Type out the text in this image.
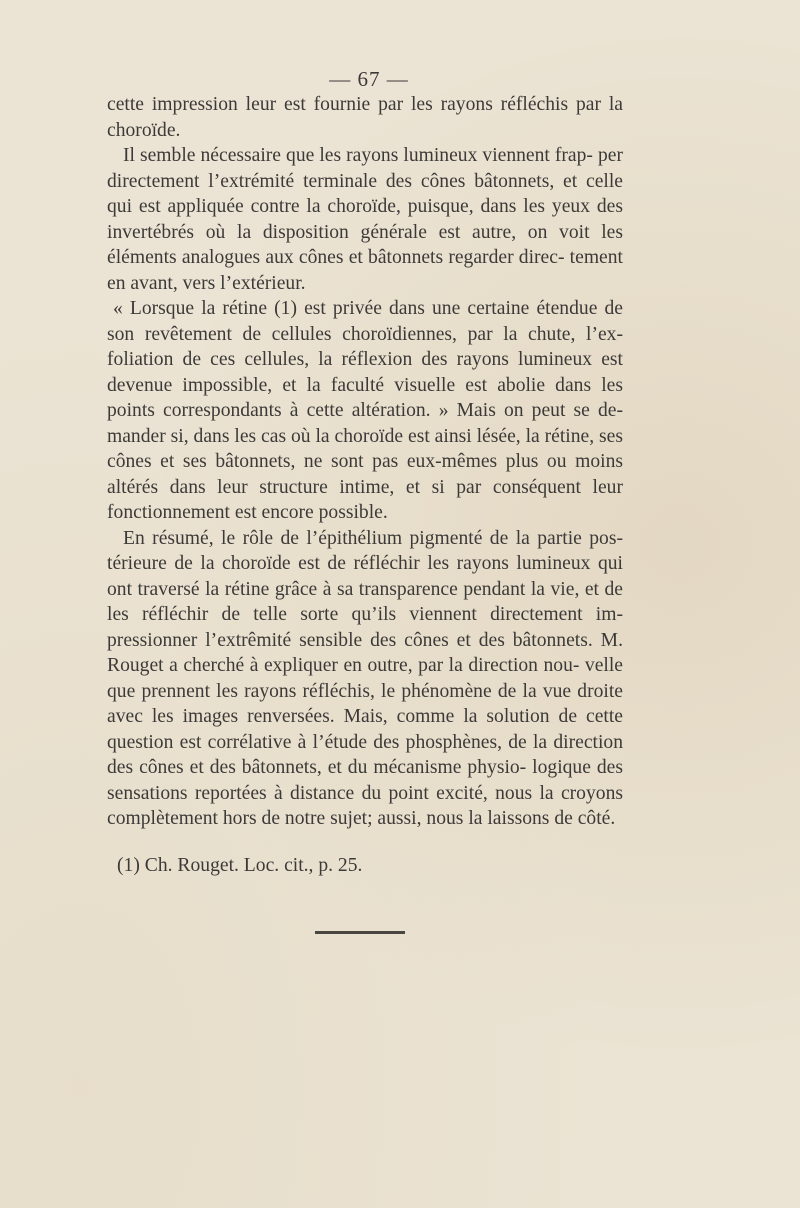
— 67 —

cette impression leur est fournie par les rayons réfléchis par la choroïde.

Il semble nécessaire que les rayons lumineux viennent frap- per directement l’extrémité terminale des cônes bâtonnets, et celle qui est appliquée contre la choroïde, puisque, dans les yeux des invertébrés où la disposition générale est autre, on voit les éléments analogues aux cônes et bâtonnets regarder direc- tement en avant, vers l’extérieur.

« Lorsque la rétine (1) est privée dans une certaine étendue de son revêtement de cellules choroïdiennes, par la chute, l’ex- foliation de ces cellules, la réflexion des rayons lumineux est devenue impossible, et la faculté visuelle est abolie dans les points correspondants à cette altération. » Mais on peut se de- mander si, dans les cas où la choroïde est ainsi lésée, la rétine, ses cônes et ses bâtonnets, ne sont pas eux-mêmes plus ou moins altérés dans leur structure intime, et si par conséquent leur fonctionnement est encore possible.

En résumé, le rôle de l’épithélium pigmenté de la partie pos- térieure de la choroïde est de réfléchir les rayons lumineux qui ont traversé la rétine grâce à sa transparence pendant la vie, et de les réfléchir de telle sorte qu’ils viennent directement im- pressionner l’extrêmité sensible des cônes et des bâtonnets. M. Rouget a cherché à expliquer en outre, par la direction nou- velle que prennent les rayons réfléchis, le phénomène de la vue droite avec les images renversées. Mais, comme la solution de cette question est corrélative à l’étude des phosphènes, de la direction des cônes et des bâtonnets, et du mécanisme physio- logique des sensations reportées à distance du point excité, nous la croyons complètement hors de notre sujet; aussi, nous la laissons de côté.

(1) Ch. Rouget. Loc. cit., p. 25.
